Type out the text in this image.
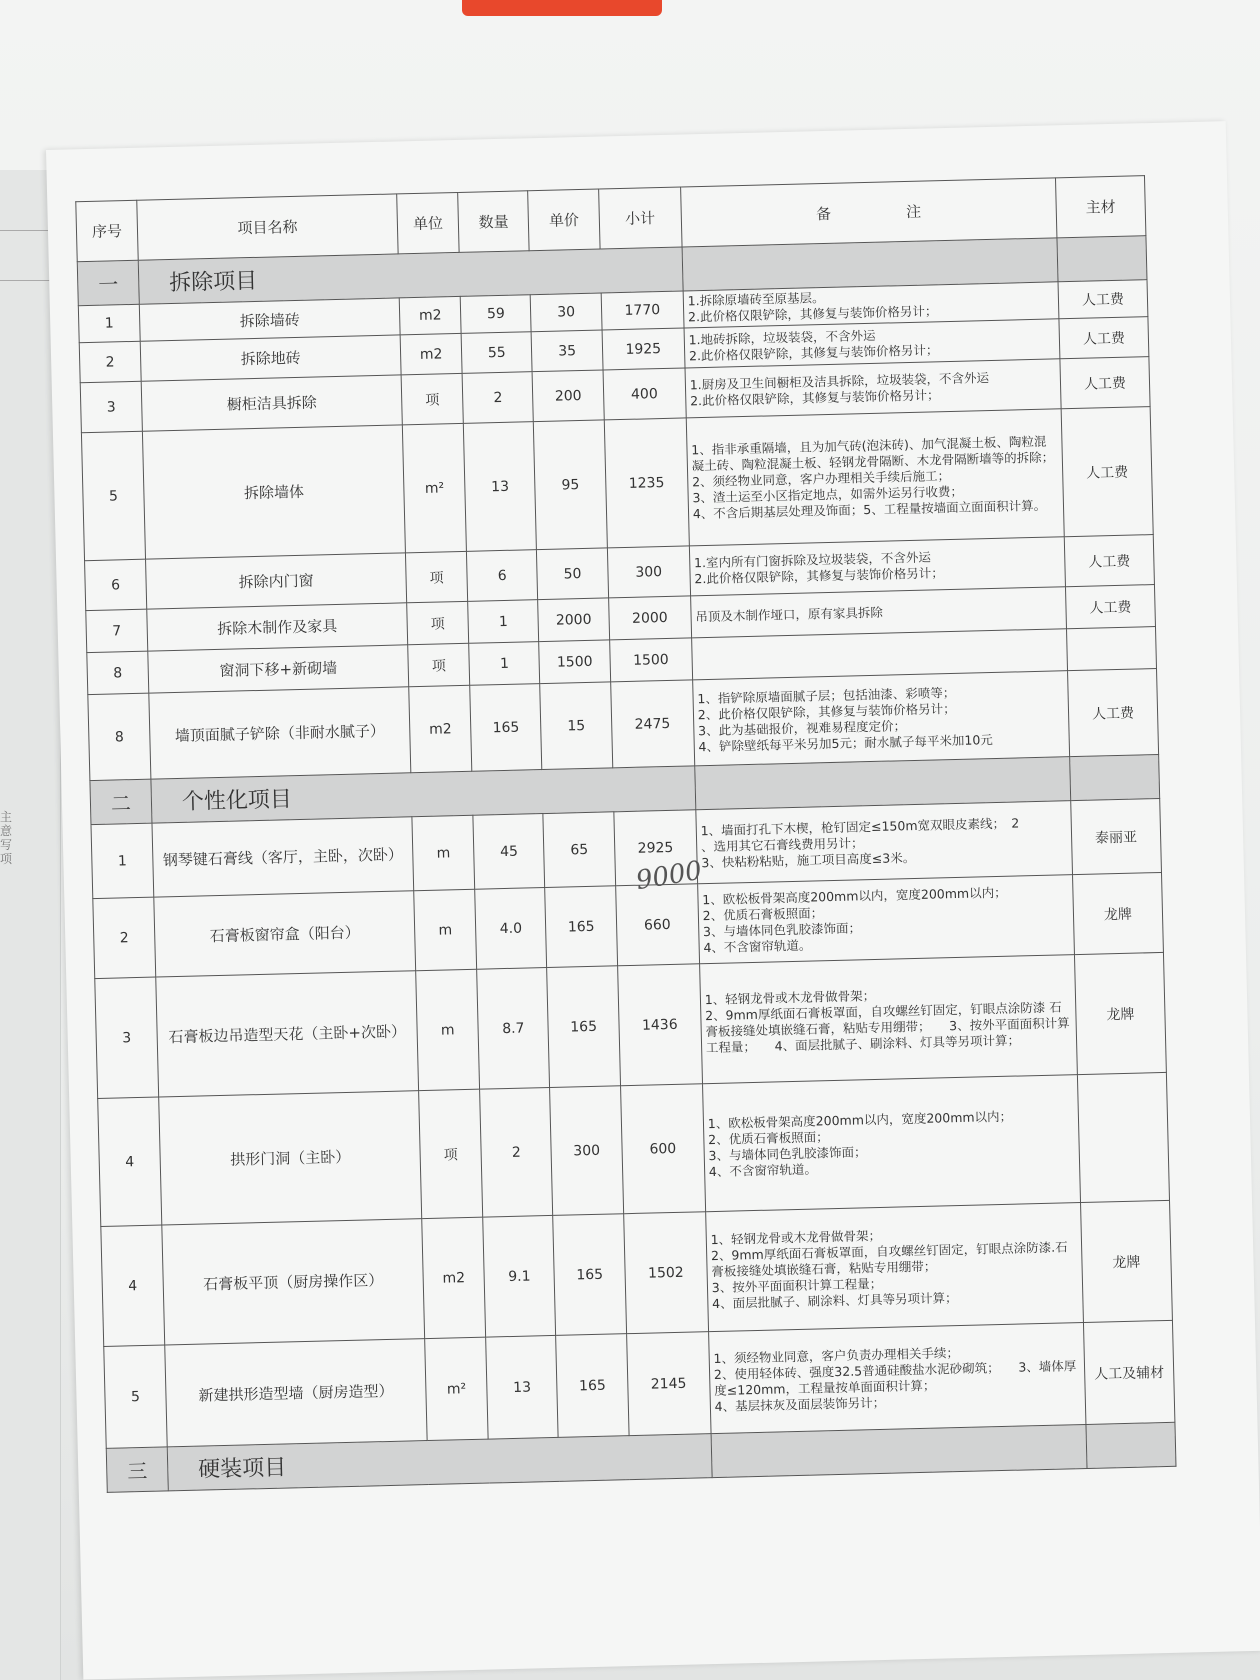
主意写项
序号	项目名称	单位	数量	单价	小计	备　　　　　注	主材
一	拆除项目						
1	拆除墙砖	m2	59	30	1770	1.拆除原墙砖至原基层。
2.此价格仅限铲除，其修复与装饰价格另计；	人工费
2	拆除地砖	m2	55	35	1925	1.地砖拆除，垃圾装袋，不含外运
2.此价格仅限铲除，其修复与装饰价格另计；	人工费
3	橱柜洁具拆除	项	2	200	400	1.厨房及卫生间橱柜及洁具拆除，垃圾装袋，不含外运
2.此价格仅限铲除，其修复与装饰价格另计；	人工费
5	拆除墙体	m²	13	95	1235	1、指非承重隔墙，且为加气砖(泡沫砖)、加气混凝土板、陶粒混凝土砖、陶粒混凝土板、轻钢龙骨隔断、木龙骨隔断墙等的拆除；
2、须经物业同意，客户办理相关手续后施工；
3、渣土运至小区指定地点，如需外运另行收费；
4、不含后期基层处理及饰面；5、工程量按墙面立面面积计算。	人工费
6	拆除内门窗	项	6	50	300	1.室内所有门窗拆除及垃圾装袋，不含外运
2.此价格仅限铲除，其修复与装饰价格另计；	人工费
7	拆除木制作及家具	项	1	2000	2000	吊顶及木制作垭口，原有家具拆除	人工费
8	窗洞下移+新砌墙	项	1	1500	1500		
8	墙顶面腻子铲除（非耐水腻子）	m2	165	15	2475	1、指铲除原墙面腻子层；包括油漆、彩喷等；
2、此价格仅限铲除，其修复与装饰价格另计；
3、此为基础报价，视难易程度定价；
4、铲除壁纸每平米另加5元；耐水腻子每平米加10元	人工费
二	个性化项目						
1	钢琴键石膏线（客厅，主卧，次卧）	m	45	65	2925	1、墙面打孔下木楔，枪钉固定≤150m宽双眼皮素线；　2
、选用其它石膏线费用另计；
3、快粘粉粘贴，施工项目高度≤3米。	泰丽亚
2	石膏板窗帘盒（阳台）	m	4.0	165	660	1、欧松板骨架高度200mm以内，宽度200mm以内；
2、优质石膏板照面；
3、与墙体同色乳胶漆饰面；
4、不含窗帘轨道。	龙牌
3	石膏板边吊造型天花（主卧+次卧）	m	8.7	165	1436	1、轻钢龙骨或木龙骨做骨架；
2、9mm厚纸面石膏板罩面，自攻螺丝钉固定，钉眼点涂防漆 石膏板接缝处填嵌缝石膏，粘贴专用绷带；　　3、按外平面面积计算工程量；　　4、面层批腻子、刷涂料、灯具等另项计算；	龙牌
4	拱形门洞（主卧）	项	2	300	600	1、欧松板骨架高度200mm以内，宽度200mm以内；
2、优质石膏板照面；
3、与墙体同色乳胶漆饰面；
4、不含窗帘轨道。	
4	石膏板平顶（厨房操作区）	m2	9.1	165	1502	1、轻钢龙骨或木龙骨做骨架；
2、9mm厚纸面石膏板罩面，自攻螺丝钉固定，钉眼点涂防漆.石膏板接缝处填嵌缝石膏，粘贴专用绷带；
3、按外平面面积计算工程量；
4、面层批腻子、刷涂料、灯具等另项计算；	龙牌
5	新建拱形造型墙（厨房造型）	m²	13	165	2145	1、须经物业同意，客户负责办理相关手续；
2、使用轻体砖、强度32.5普通硅酸盐水泥砂砌筑；　　3、墙体厚度≤120mm，工程量按单面面积计算；
4、基层抹灰及面层装饰另计；	人工及辅材
三	硬装项目						
9000
